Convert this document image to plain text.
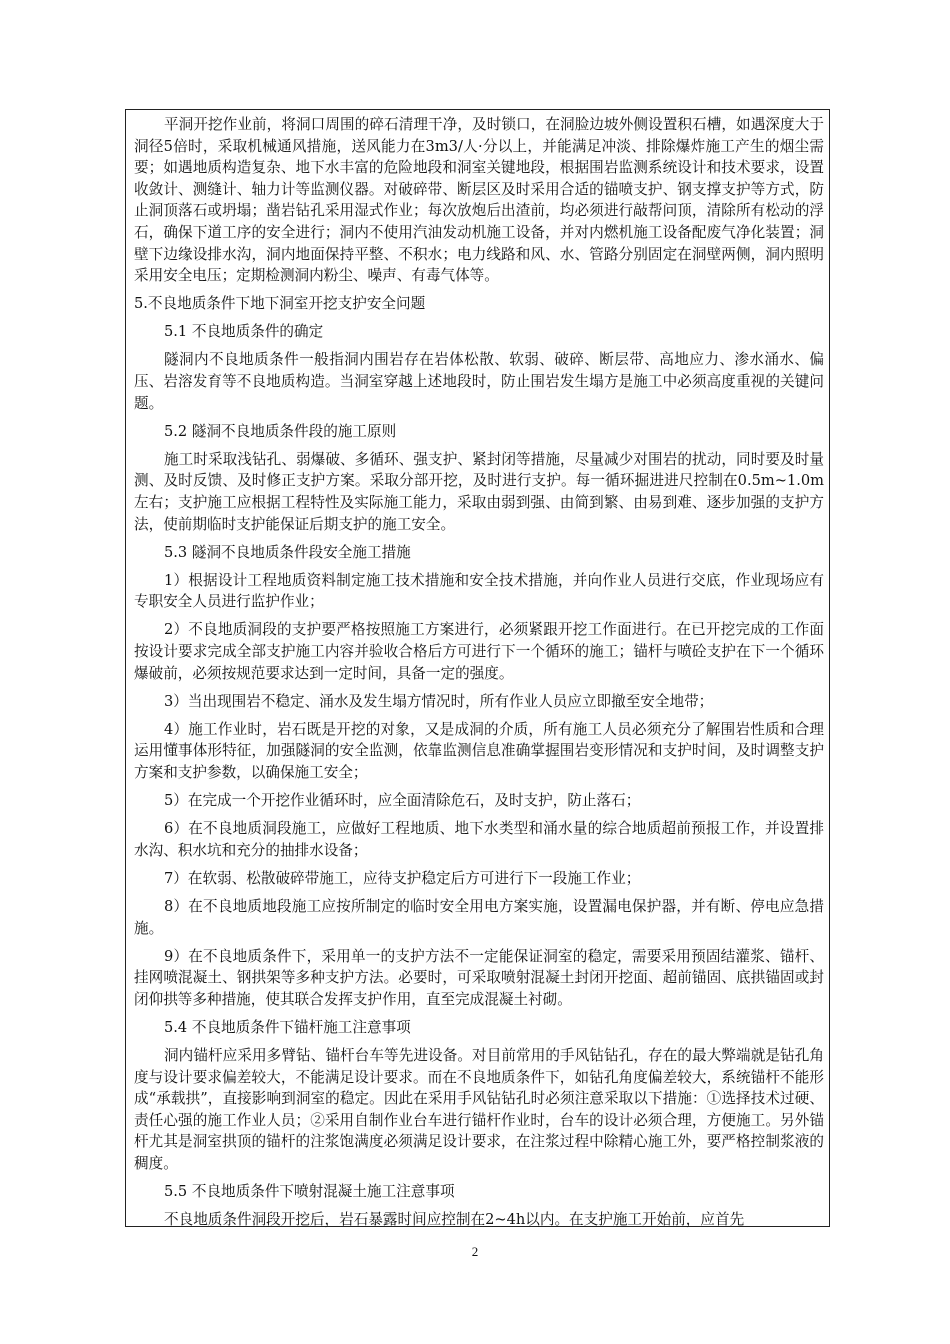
平洞开挖作业前，将洞口周围的碎石清理干净，及时锁口，在洞脸边坡外侧设置积石槽，如遇深度大于洞径5倍时，采取机械通风措施，送风能力在3m3/人·分以上，并能满足冲淡、排除爆炸施工产生的烟尘需要；如遇地质构造复杂、地下水丰富的危险地段和洞室关键地段，根据围岩监测系统设计和技术要求，设置收敛计、测缝计、轴力计等监测仪器。对破碎带、断层区及时采用合适的锚喷支护、钢支撑支护等方式，防止洞顶落石或坍塌；凿岩钻孔采用湿式作业；每次放炮后出渣前，均必须进行敲帮问顶，清除所有松动的浮石，确保下道工序的安全进行；洞内不使用汽油发动机施工设备，并对内燃机施工设备配废气净化装置；洞壁下边缘设排水沟，洞内地面保持平整、不积水；电力线路和风、水、管路分别固定在洞壁两侧，洞内照明采用安全电压；定期检测洞内粉尘、噪声、有毒气体等。

5.不良地质条件下地下洞室开挖支护安全问题

5.1 不良地质条件的确定

隧洞内不良地质条件一般指洞内围岩存在岩体松散、软弱、破碎、断层带、高地应力、渗水涌水、偏压、岩溶发育等不良地质构造。当洞室穿越上述地段时，防止围岩发生塌方是施工中必须高度重视的关键问题。

5.2 隧洞不良地质条件段的施工原则

施工时采取浅钻孔、弱爆破、多循环、强支护、紧封闭等措施，尽量减少对围岩的扰动，同时要及时量测、及时反馈、及时修正支护方案。采取分部开挖，及时进行支护。每一循环掘进进尺控制在0.5m~1.0m左右；支护施工应根据工程特性及实际施工能力，采取由弱到强、由简到繁、由易到难、逐步加强的支护方法，使前期临时支护能保证后期支护的施工安全。

5.3 隧洞不良地质条件段安全施工措施

1）根据设计工程地质资料制定施工技术措施和安全技术措施，并向作业人员进行交底，作业现场应有专职安全人员进行监护作业；

2）不良地质洞段的支护要严格按照施工方案进行，必须紧跟开挖工作面进行。在已开挖完成的工作面按设计要求完成全部支护施工内容并验收合格后方可进行下一个循环的施工；锚杆与喷砼支护在下一个循环爆破前，必须按规范要求达到一定时间，具备一定的强度。

3）当出现围岩不稳定、涌水及发生塌方情况时，所有作业人员应立即撤至安全地带；

4）施工作业时，岩石既是开挖的对象，又是成洞的介质，所有施工人员必须充分了解围岩性质和合理运用懂事体形特征，加强隧洞的安全监测，依靠监测信息准确掌握围岩变形情况和支护时间，及时调整支护方案和支护参数，以确保施工安全；

5）在完成一个开挖作业循环时，应全面清除危石，及时支护，防止落石；

6）在不良地质洞段施工，应做好工程地质、地下水类型和涌水量的综合地质超前预报工作，并设置排水沟、积水坑和充分的抽排水设备；

7）在软弱、松散破碎带施工，应待支护稳定后方可进行下一段施工作业；

8）在不良地质地段施工应按所制定的临时安全用电方案实施，设置漏电保护器，并有断、停电应急措施。

9）在不良地质条件下，采用单一的支护方法不一定能保证洞室的稳定，需要采用预固结灌浆、锚杆、挂网喷混凝土、钢拱架等多种支护方法。必要时，可采取喷射混凝土封闭开挖面、超前锚固、底拱锚固或封闭仰拱等多种措施，使其联合发挥支护作用，直至完成混凝土衬砌。

5.4 不良地质条件下锚杆施工注意事项

洞内锚杆应采用多臂钻、锚杆台车等先进设备。对目前常用的手风钻钻孔，存在的最大弊端就是钻孔角度与设计要求偏差较大，不能满足设计要求。而在不良地质条件下，如钻孔角度偏差较大，系统锚杆不能形成“承载拱”，直接影响到洞室的稳定。因此在采用手风钻钻孔时必须注意采取以下措施：①选择技术过硬、责任心强的施工作业人员；②采用自制作业台车进行锚杆作业时，台车的设计必须合理，方便施工。另外锚杆尤其是洞室拱顶的锚杆的注浆饱满度必须满足设计要求，在注浆过程中除精心施工外，要严格控制浆液的稠度。

5.5 不良地质条件下喷射混凝土施工注意事项

不良地质条件洞段开挖后，岩石暴露时间应控制在2~4h以内。在支护施工开始前，应首先

2
